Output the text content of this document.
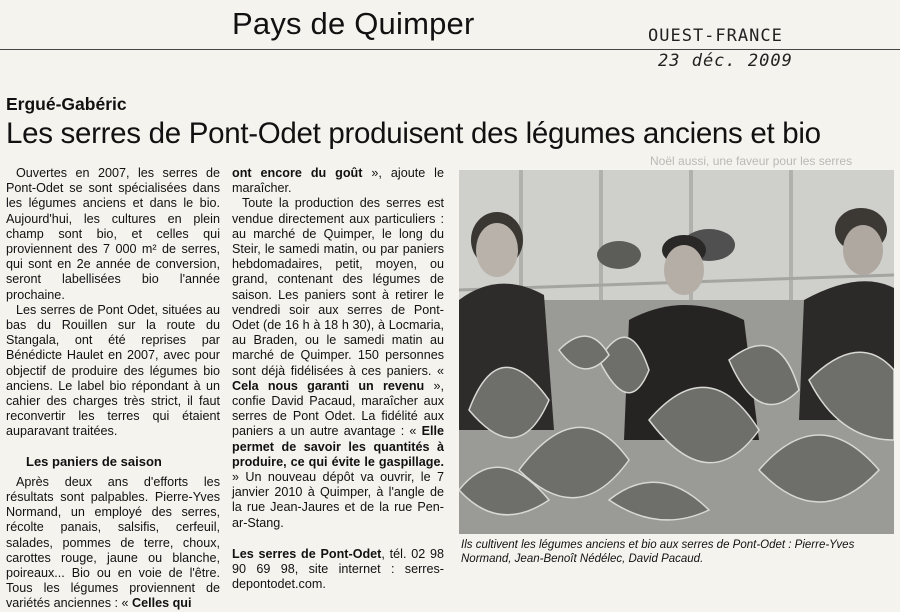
Pays de Quimper	OUEST-FRANCE
23 déc. 2009
Ergué-Gabéric
Les serres de Pont-Odet produisent des légumes anciens et bio
Noël aussi, une faveur pour les serres

Ouvertes en 2007, les serres de Pont-Odet se sont spécialisées dans les légumes anciens et dans le bio. Aujourd'hui, les cultures en plein champ sont bio, et celles qui proviennent des 7 000 m² de serres, qui sont en 2e année de conversion, seront labellisées bio l'année prochaine.

Les serres de Pont Odet, situées au bas du Rouillen sur la route du Stangala, ont été reprises par Bénédicte Haulet en 2007, avec pour objectif de produire des légumes bio anciens. Le label bio répondant à un cahier des charges très strict, il faut reconvertir les terres qui étaient auparavant traitées.

Les paniers de saison

Après deux ans d'efforts les résultats sont palpables. Pierre-Yves Normand, un employé des serres, récolte panais, salsifis, cerfeuil, salades, pommes de terre, choux, carottes rouge, jaune ou blanche, poireaux... Bio ou en voie de l'être. Tous les légumes proviennent de variétés anciennes : « Celles qui

ont encore du goût », ajoute le maraîcher.

Toute la production des serres est vendue directement aux particuliers : au marché de Quimper, le long du Steir, le samedi matin, ou par paniers hebdomadaires, petit, moyen, ou grand, contenant des légumes de saison. Les paniers sont à retirer le vendredi soir aux serres de Pont-Odet (de 16 h à 18 h 30), à Locmaria, au Braden, ou le samedi matin au marché de Quimper. 150 personnes sont déjà fidélisées à ces paniers. « Cela nous garanti un revenu », confie David Pacaud, maraîcher aux serres de Pont Odet. La fidélité aux paniers a un autre avantage : « Elle permet de savoir les quantités à produire, ce qui évite le gaspillage. » Un nouveau dépôt va ouvrir, le 7 janvier 2010 à Quimper, à l'angle de la rue Jean-Jaures et de la rue Pen-ar-Stang.

Les serres de Pont-Odet, tél. 02 98 90 69 98, site internet : serres-depontodet.com.

Ils cultivent les légumes anciens et bio aux serres de Pont-Odet : Pierre-Yves Normand, Jean-Benoît Nédélec, David Pacaud.
